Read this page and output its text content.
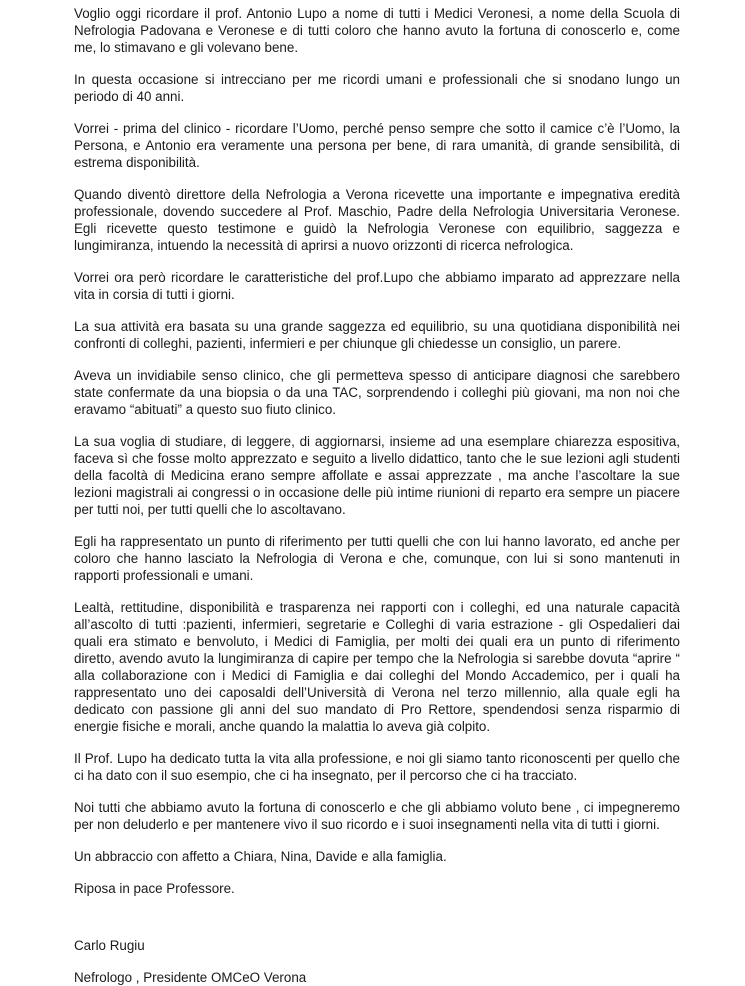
Voglio oggi ricordare il prof. Antonio Lupo a nome di tutti i Medici Veronesi, a nome della Scuola di Nefrologia Padovana e Veronese e di tutti coloro che hanno avuto la fortuna di conoscerlo e, come me, lo stimavano e gli volevano bene.

In questa occasione si intrecciano per me ricordi umani e professionali che si snodano lungo un periodo di 40 anni.

Vorrei - prima del clinico - ricordare l’Uomo, perché penso sempre che sotto il camice c’è l’Uomo, la Persona, e Antonio era veramente una persona per bene, di rara umanità, di grande sensibilità, di estrema disponibilità.

Quando diventò direttore della Nefrologia a Verona ricevette una importante e impegnativa eredità professionale, dovendo succedere al Prof. Maschio, Padre della Nefrologia Universitaria Veronese. Egli ricevette questo testimone e guidò la Nefrologia Veronese con equilibrio, saggezza e lungimiranza, intuendo la necessità di aprirsi a nuovo orizzonti di ricerca nefrologica.

Vorrei ora però ricordare le caratteristiche del prof.Lupo che abbiamo imparato ad apprezzare nella vita in corsia di tutti i giorni.

La sua attività era basata su una grande saggezza ed equilibrio, su una quotidiana disponibilità nei confronti di colleghi, pazienti, infermieri e per chiunque gli chiedesse un consiglio, un parere.

Aveva un invidiabile senso clinico, che gli permetteva spesso di anticipare diagnosi che sarebbero state confermate da una biopsia o da una TAC, sorprendendo i colleghi più giovani, ma non noi che eravamo “abituati” a questo suo fiuto clinico.

La sua voglia di studiare, di leggere, di aggiornarsi, insieme ad una esemplare chiarezza espositiva, faceva sì che fosse molto apprezzato e seguito a livello didattico, tanto che le sue lezioni agli studenti della facoltà di Medicina erano sempre affollate e assai apprezzate , ma anche l’ascoltare la sue lezioni magistrali ai congressi o in occasione delle più intime riunioni di reparto era sempre un piacere per tutti noi, per tutti quelli che lo ascoltavano.

Egli ha rappresentato un punto di riferimento per tutti quelli che con lui hanno lavorato, ed anche per coloro che hanno lasciato la Nefrologia di Verona e che, comunque, con lui si sono mantenuti in rapporti professionali e umani.

Lealtà, rettitudine, disponibilità e trasparenza nei rapporti con i colleghi, ed una naturale capacità all’ascolto di tutti :pazienti, infermieri, segretarie e Colleghi di varia estrazione - gli Ospedalieri dai quali era stimato e benvoluto, i Medici di Famiglia, per molti dei quali era un punto di riferimento diretto, avendo avuto la lungimiranza di capire per tempo che la Nefrologia si sarebbe dovuta “aprire “ alla collaborazione con i Medici di Famiglia e dai colleghi del Mondo Accademico, per i quali ha rappresentato uno dei caposaldi dell’Università di Verona nel terzo millennio, alla quale egli ha dedicato con passione gli anni del suo mandato di Pro Rettore, spendendosi senza risparmio di energie fisiche e morali, anche quando la malattia lo aveva già colpito.

Il Prof. Lupo ha dedicato tutta la vita alla professione, e noi gli siamo tanto riconoscenti per quello che ci ha dato con il suo esempio, che ci ha insegnato, per il percorso che ci ha tracciato.

Noi tutti che abbiamo avuto la fortuna di conoscerlo e che gli abbiamo voluto bene , ci impegneremo per non deluderlo e per mantenere vivo il suo ricordo e i suoi insegnamenti nella vita di tutti i giorni.

Un abbraccio con affetto a Chiara, Nina, Davide e alla famiglia.

Riposa in pace Professore.

Carlo Rugiu

Nefrologo , Presidente OMCeO Verona
